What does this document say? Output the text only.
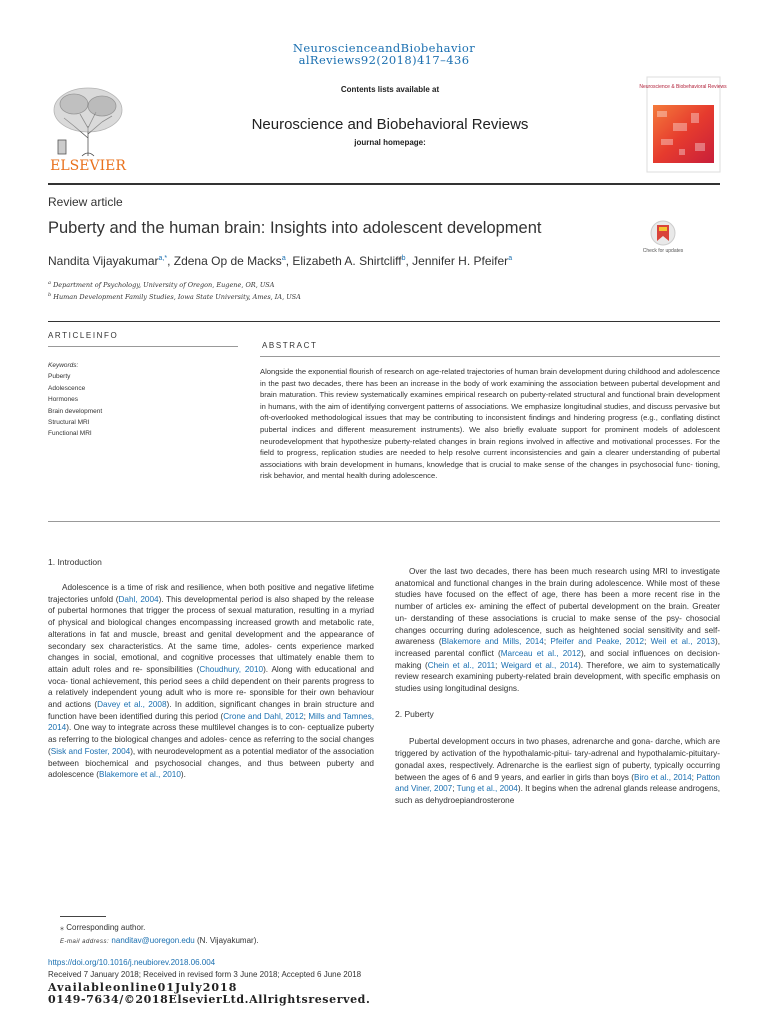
NeuroscienceandBiobehavior
alReviews92(2018)417–436
ELSEVIER
Contents lists available at
Neuroscience and Biobehavioral Reviews
journal homepage:
Neuroscience & Biobehavioral Reviews
Review article
Puberty and the human brain: Insights into adolescent development
Check for updates
Nandita Vijayakumar$^{a,*}$, Zdena Op de Macks$^a$, Elizabeth A. Shirtcliff$^b$, Jennifer H. Pfeifer$^a$
$^a$ Department of Psychology, University of Oregon, Eugene, OR, USA
$^b$ Human Development Family Studies, Iowa State University, Ames, IA, USA
ARTICLEINFO
Keywords:
Puberty
Adolescence
Hormones
Brain development
Structural MRI
Functional MRI
ABSTRACT
Alongside the exponential flourish of research on age-related trajectories of human brain development during childhood and adolescence in the past two decades, there has been an increase in the body of work examining the association between pubertal development and brain maturation. This review systematically examines empirical research on puberty-related structural and functional brain development in humans, with the aim of identifying convergent patterns of associations. We emphasize longitudinal studies, and discuss pervasive but oft-overlooked methodological issues that may be contributing to inconsistent findings and hindering progress (e.g., conflating distinct pubertal indices and different measurement instruments). We also briefly evaluate support for prominent models of adolescent neurodevelopment that hypothesize puberty-related changes in brain regions involved in affective and motivational processes. For the field to progress, replication studies are needed to help resolve current inconsistencies and gain a clearer understanding of pubertal associations with brain development in humans, knowledge that is crucial to make sense of the changes in psychosocial func- tioning, risk behavior, and mental health during adolescence.
1. Introduction

Adolescence is a time of risk and resilience, when both positive and negative lifetime trajectories unfold (Dahl, 2004). This developmental period is also shaped by the release of pubertal hormones that trigger the process of sexual maturation, resulting in a myriad of physical and biological changes encompassing increased growth and metabolic rate, alterations in fat and muscle, breast and genital development and the appearance of secondary sex characteristics. At the same time, adoles- cents experience marked changes in social, emotional, and cognitive processes that ultimately enable them to attain adult roles and re- sponsibilities (Choudhury, 2010). Along with educational and voca- tional achievement, this period sees a child dependent on their parents progress to a relatively independent young adult who is more re- sponsible for their own behaviour and actions (Davey et al., 2008). In addition, significant changes in brain structure and function have been identified during this period (Crone and Dahl, 2012; Mills and Tamnes, 2014). One way to integrate across these multilevel changes is to con- ceptualize puberty as referring to the biological changes and adoles- cence as referring to the social changes (Sisk and Foster, 2004), with neurodevelopment as a potential mediator of the association between biochemical and psychosocial changes, and thus between puberty and adolescence (Blakemore et al., 2010).

Over the last two decades, there has been much research using MRI to investigate anatomical and functional changes in the brain during adolescence. While most of these studies have focused on the effect of age, there has been a more recent rise in the number of articles ex- amining the effect of pubertal development on the brain. Greater un- derstanding of these associations is crucial to make sense of the psy- chosocial changes occurring during adolescence, such as heightened social sensitivity and self-awareness (Blakemore and Mills, 2014; Pfeifer and Peake, 2012; Weil et al., 2013), increased parental conflict (Marceau et al., 2012), and social influences on decision-making (Chein et al., 2011; Weigard et al., 2014). Therefore, we aim to systematically review research examining puberty-related brain development, with specific emphasis on studies using longitudinal designs.

2. Puberty

Pubertal development occurs in two phases, adrenarche and gona- darche, which are triggered by activation of the hypothalamic-pitui- tary-adrenal and hypothalamic-pituitary-gonadal axes, respectively. Adrenarche is the earliest sign of puberty, typically occurring between the ages of 6 and 9 years, and earlier in girls than boys (Biro et al., 2014; Patton and Viner, 2007; Tung et al., 2004). It begins when the adrenal glands release androgens, such as dehydroepiandrosterone

⁎ Corresponding author.
E-mail address: nanditav@uoregon.edu (N. Vijayakumar).
https://doi.org/10.1016/j.neubiorev.2018.06.004
Received 7 January 2018; Received in revised form 3 June 2018; Accepted 6 June 2018
Availableonline01July2018
0149-7634/©2018ElsevierLtd.Allrightsreserved.
